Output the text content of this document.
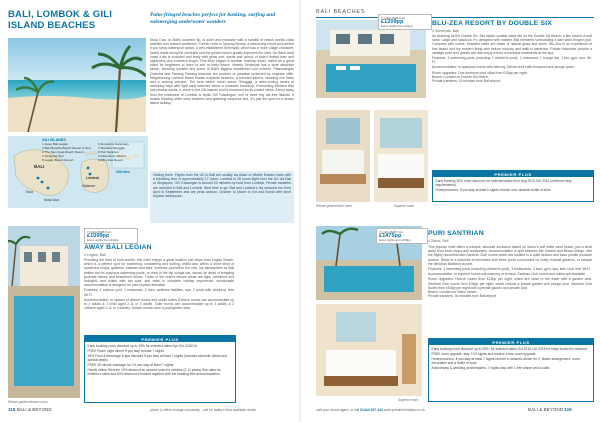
BALI, LOMBOK & GILI ISLAND BEACHES
Palm-fringed beaches perfect for basking, surfing and submerging underwater wonders
Nusa Dua, on Bali's southern tip, is quiet and exclusive with a handful of beach worlds class facilities and relaxed ambience. Further north is Tanjung Benoa, a welcoming resort and perfect if you fancy watersport action. A well-established Seminyak, which has a more village character, lumbs made along the shoreline and the golden beach greatly improves the view. On Bali's west coast Kuta is crowded and lively with great surf, sands and scenic of Asia's limited bars and nightclubs plus excellent shops. Five-Bold Legian is another bustling resort; hailed as a great place for beginners to learn to surf at lively beach. Nearby Seminyak has a wide attractive beach, stunning sunsets and some of Bali's biggest established surf schools. Pelanwangan Chandra and Padang Padang beaches are pockets of paradise protected by majestic cliffs. Neighbouring Lombok island boasts exquisite beaches, a forested interior, stunning rice fields and a soaring volcano. The best beach resort areas: Senggigi, a wide-curving series of sweeping bays with light sand beaches below a mountain backdrop. Enchanting Medana Bay has pristine sands, is close to the Gili Islands and is renowned for its sunset views. A ferry away from the northwest of Lombok is idyllic Gili Trawangan, one of three tiny car-free islands. It boasts blinding white sand beaches and sparkling turquoise sea. It's just the spot for a dream island fantasy.
BALI
Lombok
Gili Isles
Mataram
Kuta
Nusa Dua
GILI ISLANDS
1 Away Bali Legian
2 Bali Mandira Beach Resort & Spa
3 The Seminyak Beach Resort
4 Tandjung Sari
5 Legian Beach Resort
6 Amarterra Sanctuary
7 Mandira Senggigi
8 Puri Santrian
9 Katamaran Resort
10 Blu-Zea Resort
Getting there: Flights from the UK to Bali are usually via Asian or Middle Eastern hubs with a travelling time of approximately 17 hours. Lombok is 35 hours flight from the UK via Bali or Singapore. Gili Trawangan is around 20 minutes by boat from Lombok. Private transfers are included in Bali and Lombok. Best time to go: Bali and Lombok's dry seasons run from April to September and are peak season. October to March is hot and humid with short tropical downpours.
Deluxe garden terrace room
7 nights B&B from
£1099pp
Extra nights from £49pp
AWAY BALI LEGIAN
4 Legian, Bali
Providing the best of both worlds, this hotel enjoys a great location just steps from Legian Beach, which is a perfect spot for swimming, sunbathing and surfing, whilst also within a short stroll of numerous shops, galleries, eateries and bars. Immerse yourself in the chic, hip atmosphere as Bali settles into its spacious swimming pools, or drink in the hip lounge bar, savour an array of tempting gourmet dishes and beachfront drinks. Those in the hotel's leisure areas are light, refreshed and indulged, and suites with tub sofa, and relax in complete holiday experience. Immaculate accommodation is designed for your myriad relaxation.
Features: 1 outdoor pool, 1 restaurant, 2 bars, wellness facilities, spa, 2 pools with whirlpool, free Wi-Fi.
Accommodation: In spaces of deluxe rooms and studio suites (Deluxe rooms can accommodate up to 2 adults & 1 child aged 2-11 or 3 adults. Suite rooms can accommodate up to 2 adults & 2 children aged 2-11 or 4 adults). Deluxe rooms have a pool/garden view.
PREMIER PLUS

Early booking room discount up to 15% for selected dates Apr-Oct 2015/16

FREE Room night dinner if you stay at least 7 nights

15% Food & Beverage & spa discount if you stay at least 7 nights (includes alcoholic drinks and special deals)

FREE 30 minute massage for 2 if you stay at least 7 nights.

Family offers: Receive 10% discount on second room for children (2-11 years) See rates for children's rates and 50% discount if booked together with the booking free accommodation.

118 BALI & BEYOND	prices & offers change constantly - call for today's best available deals!
BALI BEACHES
7 nights B&B from
£1209pp
Extra nights from £41pp	BLU-ZEA RESORT BY DOUBLE SIX
4 Seminyak, Bali
As stunning as the Double Six, this stylish coastal oasis sits on the Double Six Beach, a fine strand of soft sand. Large and spacious, it's designed with modern Bali elements surrounding a lush palm-fringed pool. Complete with rooms, beautiful cafes are made of natural glass and stone, Blu-Zea is an experience of fine beach and hip modern living with deluxe balcony and walk-in wardrobe. Private balconies provide a vantage point and guests can also enjoy a host of boutique treatments at the spa.
Features: 3 swimming pools (including 1 children's pool), 1 restaurant, 1 lounge bar, 1 bar, gym, spa, Wi-Fi.
Accommodation: In spacious rooms with balcony. Deluxe and suite terraces have plunge pools.
Room upgrades: One bedroom pool villas from £43pp per night.
Beach: Located on Double Six beach.
Private transfers: 15 minutes from Bali airport.
PREMIER PLUS

Early booking 30% room discount: for selected dates from Aug 2015-Oct 2016 (minimum stay requirements).

Honeymooners: If you stay at least 5 nights receive one romantic bottle of wine.

Deluxe ground floor room	Superior room
Superior room
7 nights B&B from
£1475pp
Extra nights from £56pp
PURI SANTRIAN
4 Sanur, Bali
This popular hotel offers a tranquil, absolute seclusion based on Sanur's soft white sand beach, just a stroll away from local shops and restaurants. Accommodation is spilt between the Garden and Beach Wings, with the highly recommended Santrian Club rooms which are located in a quiet section and have private poolside access. Relax in a peaceful environment with three pools surrounded by lovely tropical gardens, or sample the delicious Balinese cuisine.
Features: 3 swimming pools (including children's pool), 3 restaurants, 3 bars, gym, spa, kids' club, free Wi-Fi.
Accommodation: In superior rooms with balcony or terrace. Santrian Club rooms and suites are available.
Room upgrades: Deluxe rooms from £15pp per night, which are close to the water with a garden view. Santrian Club rooms from £35pp per night, which include a private garden and plunge pool. Santrian Club Suites from £53pp per night with a private garden and private pool.
Beach: Located on Sanur beach.
Private transfers: 30 minutes from Bali airport.
PREMIER PLUS

Early booking room discount up to 25%: for selected dates Oct 2015-Oct 2016 for stays booked in advance

FREE room upgrade: stay 7/10 nights and receive a free room upgrade

Honeymooners: if you stay at least 7 nights receive a romantic dinner for 2, flower arrangement, room decoration and a bottle of wine.

Anniversary & wedding anniversaries: 7 nights stay with 1 free dinner and a cake.

visit your friend agent, or call 01444 937 444 www.premierholidays.co.uk	BALI & BEYOND 119
